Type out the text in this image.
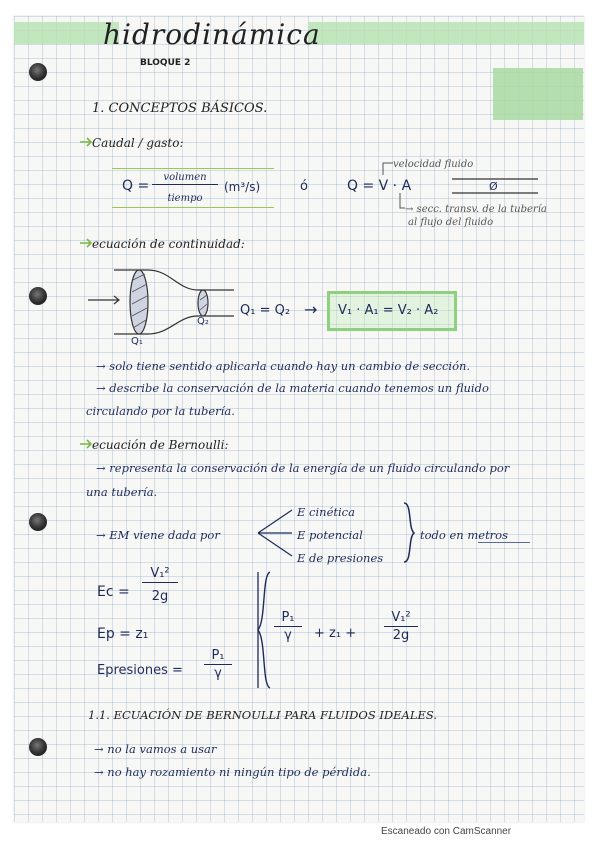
hidrodinámica
BLOQUE 2
1. CONCEPTOS BÁSICOS.
Caudal / gasto:
Q =
volumen
tiempo
(m³/s)	ó	Q = V · A
velocidad fluido
Ø
→ secc. transv. de la tubería
al flujo del fluido
ecuación de continuidad:
Q₁ = Q₂ → V₁ · A₁ = V₂ · A₂
Q₁
Q₂
→ solo tiene sentido aplicarla cuando hay un cambio de sección.
→ describe la conservación de la materia cuando tenemos un fluido
circulando por la tubería.
ecuación de Bernoulli:
→ representa la conservación de la energía de un fluido circulando por
una tubería.
→ EM viene dada por
E cinética
E potencial
E de presiones
todo en metros
Ec =
V₁²
2g
Ep = z₁
Epresiones =
P₁
γ
P₁
γ	+ z₁ +
V₁²
2g
1.1. ECUACIÓN DE BERNOULLI PARA FLUIDOS IDEALES.
→ no la vamos a usar
→ no hay rozamiento ni ningún tipo de pérdida.
Escaneado con CamScanner
